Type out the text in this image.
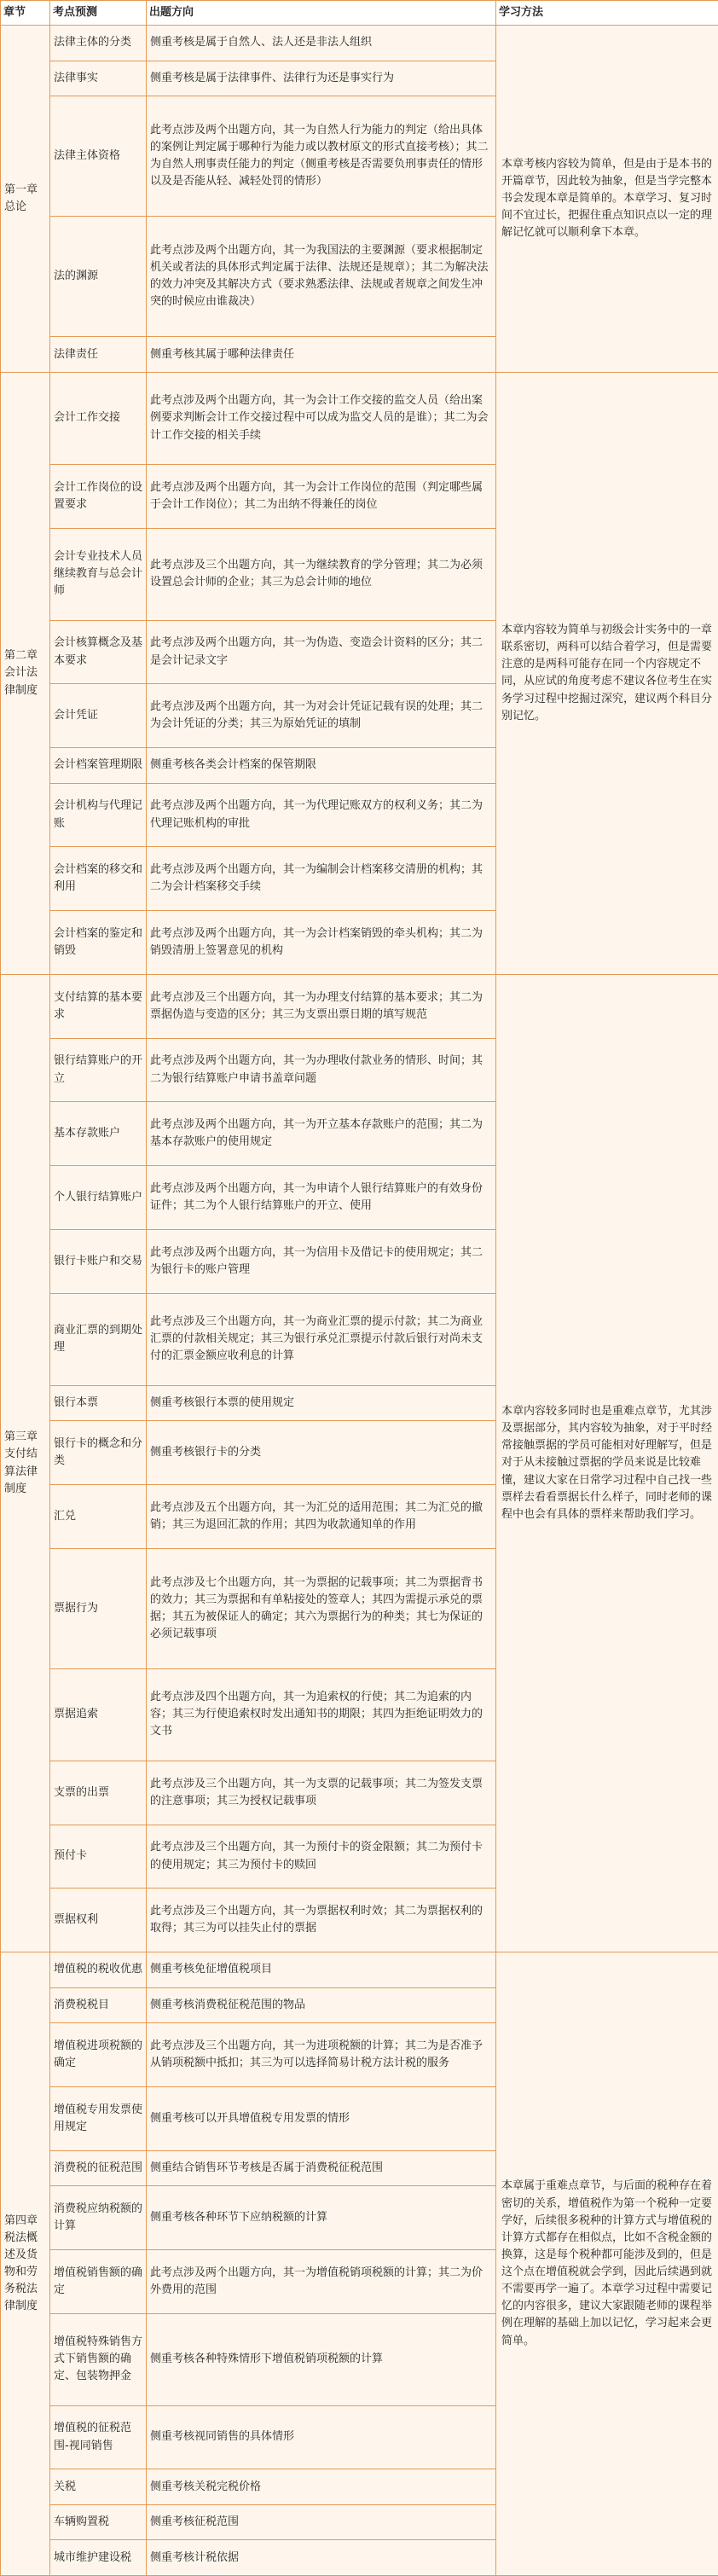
章节	考点预测	出题方向	学习方法
第一章总论	法律主体的分类	侧重考核是属于自然人、法人还是非法人组织	本章考核内容较为简单，但是由于是本书的开篇章节，因此较为抽象，但是当学完整本书会发现本章是简单的。本章学习、复习时间不宜过长，把握住重点知识点以一定的理解记忆就可以顺利拿下本章。
	法律事实	侧重考核是属于法律事件、法律行为还是事实行为	
	法律主体资格	此考点涉及两个出题方向，其一为自然人行为能力的判定（给出具体的案例让判定属于哪种行为能力或以教材原文的形式直接考核）；其二为自然人刑事责任能力的判定（侧重考核是否需要负刑事责任的情形以及是否能从轻、减轻处罚的情形）	
	法的渊源	此考点涉及两个出题方向，其一为我国法的主要渊源（要求根据制定机关或者法的具体形式判定属于法律、法规还是规章）；其二为解决法的效力冲突及其解决方式（要求熟悉法律、法规或者规章之间发生冲突的时候应由谁裁决）	
	法律责任	侧重考核其属于哪种法律责任	
第二章会计法律制度	会计工作交接	此考点涉及两个出题方向，其一为会计工作交接的监交人员（给出案例要求判断会计工作交接过程中可以成为监交人员的是谁）；其二为会计工作交接的相关手续	本章内容较为简单与初级会计实务中的一章联系密切，两科可以结合着学习，但是需要注意的是两科可能存在同一个内容规定不同，从应试的角度考虑不建议各位考生在实务学习过程中挖掘过深究，建议两个科目分别记忆。
	会计工作岗位的设置要求	此考点涉及两个出题方向，其一为会计工作岗位的范围（判定哪些属于会计工作岗位）；其二为出纳不得兼任的岗位	
	会计专业技术人员继续教育与总会计师	此考点涉及三个出题方向，其一为继续教育的学分管理；其二为必须设置总会计师的企业；其三为总会计师的地位	
	会计核算概念及基本要求	此考点涉及两个出题方向，其一为伪造、变造会计资料的区分；其二是会计记录文字	
	会计凭证	此考点涉及两个出题方向，其一为对会计凭证记载有误的处理；其二为会计凭证的分类；其三为原始凭证的填制	
	会计档案管理期限	侧重考核各类会计档案的保管期限	
	会计机构与代理记账	此考点涉及两个出题方向，其一为代理记账双方的权利义务；其二为代理记账机构的审批	
	会计档案的移交和利用	此考点涉及两个出题方向，其一为编制会计档案移交清册的机构；其二为会计档案移交手续	
	会计档案的鉴定和销毁	此考点涉及两个出题方向，其一为会计档案销毁的牵头机构；其二为销毁清册上签署意见的机构	
第三章支付结算法律制度	支付结算的基本要求	此考点涉及三个出题方向，其一为办理支付结算的基本要求；其二为票据伪造与变造的区分；其三为支票出票日期的填写规范	本章内容较多同时也是重难点章节，尤其涉及票据部分，其内容较为抽象，对于平时经常接触票据的学员可能相对好理解写，但是对于从未接触过票据的学员来说是比较难懂，建议大家在日常学习过程中自己找一些票样去看看票据长什么样子，同时老师的课程中也会有具体的票样来帮助我们学习。
	银行结算账户的开立	此考点涉及两个出题方向，其一为办理收付款业务的情形、时间；其二为银行结算账户申请书盖章问题	
	基本存款账户	此考点涉及两个出题方向，其一为开立基本存款账户的范围；其二为基本存款账户的使用规定	
	个人银行结算账户	此考点涉及两个出题方向，其一为申请个人银行结算账户的有效身份证件；其二为个人银行结算账户的开立、使用	
	银行卡账户和交易	此考点涉及两个出题方向，其一为信用卡及借记卡的使用规定；其二为银行卡的账户管理	
	商业汇票的到期处理	此考点涉及三个出题方向，其一为商业汇票的提示付款；其二为商业汇票的付款相关规定；其三为银行承兑汇票提示付款后银行对尚未支付的汇票金额应收利息的计算	
	银行本票	侧重考核银行本票的使用规定	
	银行卡的概念和分类	侧重考核银行卡的分类	
	汇兑	此考点涉及五个出题方向，其一为汇兑的适用范围；其二为汇兑的撤销；其三为退回汇款的作用；其四为收款通知单的作用	
	票据行为	此考点涉及七个出题方向，其一为票据的记载事项；其二为票据背书的效力；其三为票据和有单粘接处的签章人；其四为需提示承兑的票据；其五为被保证人的确定；其六为票据行为的种类；其七为保证的必须记载事项	
	票据追索	此考点涉及四个出题方向，其一为追索权的行使；其二为追索的内容；其三为行使追索权时发出通知书的期限；其四为拒绝证明效力的文书	
	支票的出票	此考点涉及三个出题方向，其一为支票的记载事项；其二为签发支票的注意事项；其三为授权记载事项	
	预付卡	此考点涉及三个出题方向，其一为预付卡的资金限额；其二为预付卡的使用规定；其三为预付卡的赎回	
	票据权利	此考点涉及三个出题方向，其一为票据权利时效；其二为票据权利的取得；其三为可以挂失止付的票据	
第四章税法概述及货物和劳务税法律制度	增值税的税收优惠	侧重考核免征增值税项目	本章属于重难点章节，与后面的税种存在着密切的关系，增值税作为第一个税种一定要学好，后续很多税种的计算方式与增值税的计算方式都存在相似点，比如不含税金额的换算，这是每个税种都可能涉及到的，但是这个点在增值税就会学到，因此后续遇到就不需要再学一遍了。本章学习过程中需要记忆的内容很多，建议大家跟随老师的课程举例在理解的基础上加以记忆，学习起来会更简单。
	消费税税目	侧重考核消费税征税范围的物品	
	增值税进项税额的确定	此考点涉及三个出题方向，其一为进项税额的计算；其二为是否准予从销项税额中抵扣；其三为可以选择简易计税方法计税的服务	
	增值税专用发票使用规定	侧重考核可以开具增值税专用发票的情形	
	消费税的征税范围	侧重结合销售环节考核是否属于消费税征税范围	
	消费税应纳税额的计算	侧重考核各种环节下应纳税额的计算	
	增值税销售额的确定	此考点涉及两个出题方向，其一为增值税销项税额的计算；其二为价外费用的范围	
	增值税特殊销售方式下销售额的确定、包装物押金	侧重考核各种特殊情形下增值税销项税额的计算	
	增值税的征税范围-视同销售	侧重考核视同销售的具体情形	
	关税	侧重考核关税完税价格	
	车辆购置税	侧重考核征税范围	
	城市维护建设税	侧重考核计税依据	
